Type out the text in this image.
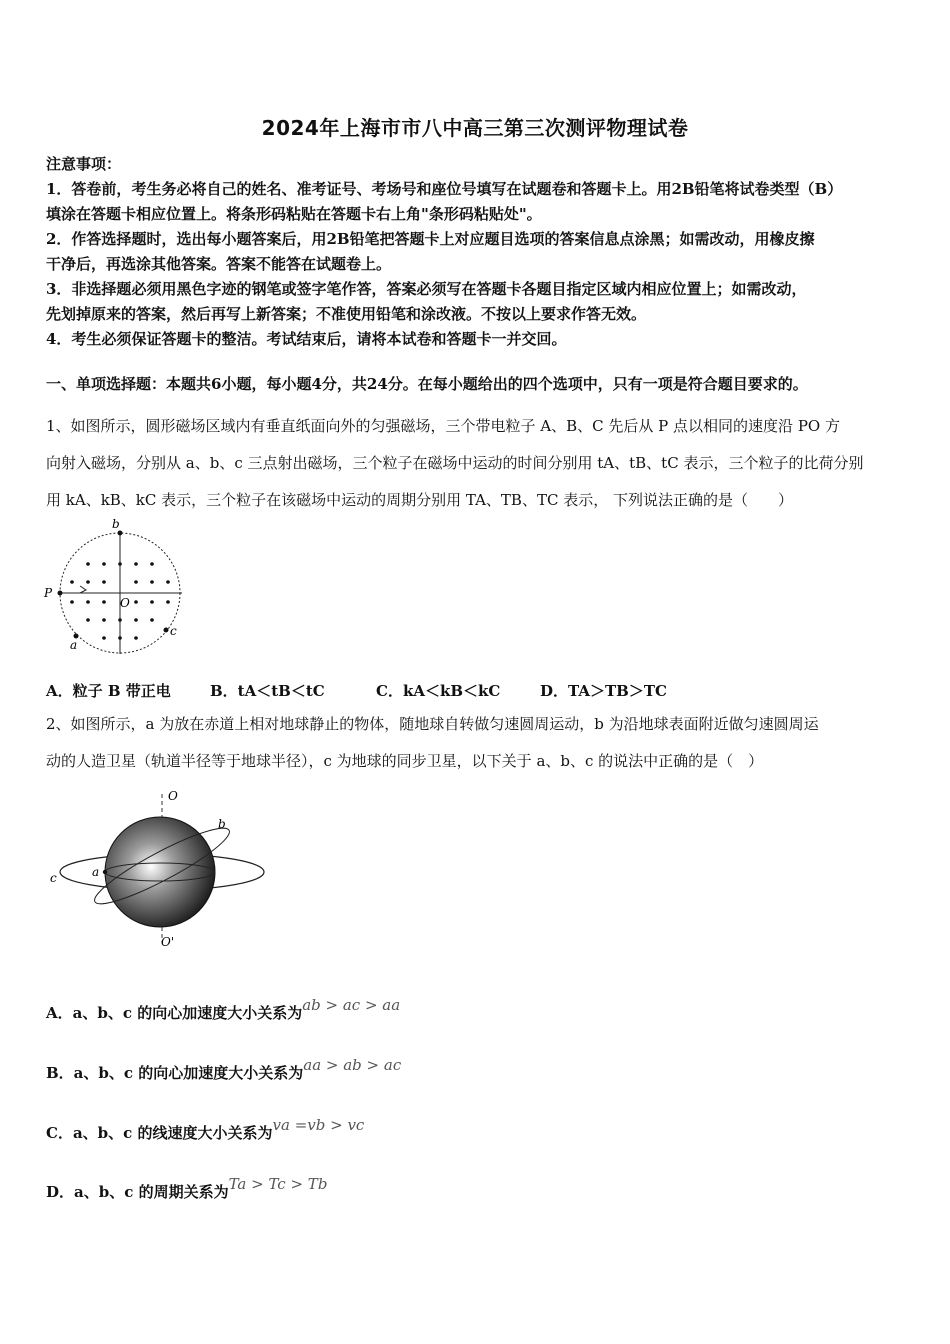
2024年上海市市八中高三第三次测评物理试卷
注意事项：

1．答卷前，考生务必将自己的姓名、准考证号、考场号和座位号填写在试题卷和答题卡上。用2B铅笔将试卷类型（B）

填涂在答题卡相应位置上。将条形码粘贴在答题卡右上角"条形码粘贴处"。

2．作答选择题时，选出每小题答案后，用2B铅笔把答题卡上对应题目选项的答案信息点涂黑；如需改动，用橡皮擦

干净后，再选涂其他答案。答案不能答在试题卷上。

3．非选择题必须用黑色字迹的钢笔或签字笔作答，答案必须写在答题卡各题目指定区域内相应位置上；如需改动，

先划掉原来的答案，然后再写上新答案；不准使用铅笔和涂改液。不按以上要求作答无效。

4．考生必须保证答题卡的整洁。考试结束后，请将本试卷和答题卡一并交回。

一、单项选择题：本题共6小题，每小题4分，共24分。在每小题给出的四个选项中，只有一项是符合题目要求的。
1、如图所示，圆形磁场区域内有垂直纸面向外的匀强磁场，三个带电粒子 A、B、C 先后从 P 点以相同的速度沿 PO 方
向射入磁场，分别从 a、b、c 三点射出磁场，三个粒子在磁场中运动的时间分别用 tA、tB、tC 表示，三个粒子的比荷分别
用 kA、kB、kC 表示，三个粒子在该磁场中运动的周期分别用 TA、TB、TC 表示， 下列说法正确的是（　　）
b
P
O
c
a
A．粒子 B 带正电	B．tA＜tB＜tC	C．kA＜kB＜kC	D．TA＞TB＞TC
2、如图所示，a 为放在赤道上相对地球静止的物体，随地球自转做匀速圆周运动，b 为沿地球表面附近做匀速圆周运
动的人造卫星（轨道半径等于地球半径），c 为地球的同步卫星，以下关于 a、b、c 的说法中正确的是（　）
O
O'
a
b
c
A．a、b、c 的向心加速度大小关系为ab > ac > aa
B．a、b、c 的向心加速度大小关系为aa > ab > ac
C．a、b、c 的线速度大小关系为va =vb > vc
D．a、b、c 的周期关系为Ta > Tc > Tb
